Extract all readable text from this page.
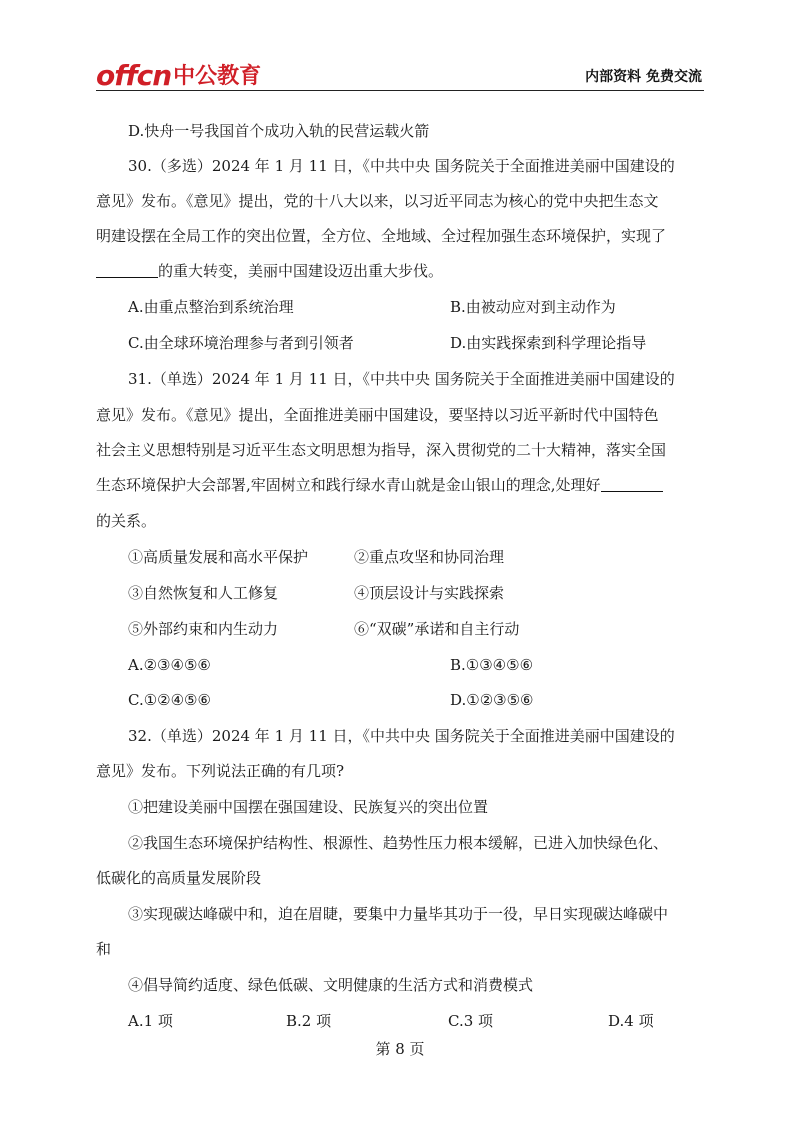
offcn 中公教育	内部资料 免费交流
D.快舟一号我国首个成功入轨的民营运载火箭
30.（多选）2024 年 1 月 11 日，《中共中央 国务院关于全面推进美丽中国建设的
意见》发布。《意见》提出，党的十八大以来，以习近平同志为核心的党中央把生态文
明建设摆在全局工作的突出位置，全方位、全地域、全过程加强生态环境保护，实现了
的重大转变，美丽中国建设迈出重大步伐。
A.由重点整治到系统治理	B.由被动应对到主动作为
C.由全球环境治理参与者到引领者	D.由实践探索到科学理论指导
31.（单选）2024 年 1 月 11 日，《中共中央 国务院关于全面推进美丽中国建设的
意见》发布。《意见》提出，全面推进美丽中国建设，要坚持以习近平新时代中国特色
社会主义思想特别是习近平生态文明思想为指导，深入贯彻党的二十大精神，落实全国
生态环境保护大会部署,牢固树立和践行绿水青山就是金山银山的理念,处理好
的关系。
①高质量发展和高水平保护	②重点攻坚和协同治理
③自然恢复和人工修复	④顶层设计与实践探索
⑤外部约束和内生动力	⑥“双碳”承诺和自主行动
A.②③④⑤⑥	B.①③④⑤⑥
C.①②④⑤⑥	D.①②③⑤⑥
32.（单选）2024 年 1 月 11 日，《中共中央 国务院关于全面推进美丽中国建设的
意见》发布。下列说法正确的有几项?
①把建设美丽中国摆在强国建设、民族复兴的突出位置
②我国生态环境保护结构性、根源性、趋势性压力根本缓解，已进入加快绿色化、
低碳化的高质量发展阶段
③实现碳达峰碳中和，迫在眉睫，要集中力量毕其功于一役，早日实现碳达峰碳中
和
④倡导简约适度、绿色低碳、文明健康的生活方式和消费模式
A.1 项	B.2 项	C.3 项	D.4 项
第 8 页
